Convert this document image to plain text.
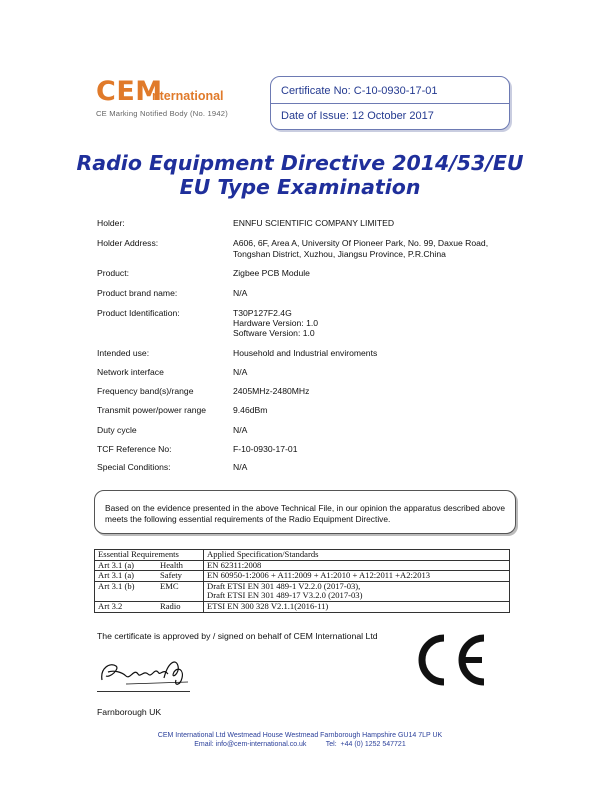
CEM
nternational
CE Marking Notified Body (No. 1942)
Certificate No: C-10-0930-17-01
Date of Issue: 12 October 2017
Radio Equipment Directive 2014/53/EU
EU Type Examination
Holder:	ENNFU SCIENTIFIC COMPANY LIMITED
Holder Address:	A606, 6F, Area A, University Of Pioneer Park, No. 99, Daxue Road,
Tongshan District, Xuzhou, Jiangsu Province, P.R.China
Product:	Zigbee PCB Module
Product brand name:	N/A
Product Identification:	T30P127F2.4G
Hardware Version: 1.0
Software Version: 1.0
Intended use:	Household and Industrial enviroments
Network interface	N/A
Frequency band(s)/range	2405MHz-2480MHz
Transmit power/power range	9.46dBm
Duty cycle	N/A
TCF Reference No:	F-10-0930-17-01
Special Conditions:	N/A
Based on the evidence presented in the above Technical File, in our opinion the apparatus described above meets the following essential requirements of the Radio Equipment Directive.
Essential Requirements		Applied Specification/Standards
Art 3.1 (a)	Health	EN 62311:2008
Art 3.1 (a)	Safety	EN 60950-1:2006 + A11:2009 + A1:2010 + A12:2011 +A2:2013
Art 3.1 (b)	EMC	Draft ETSI EN 301 489-1 V2.2.0 (2017-03),
Draft ETSI EN 301 489-17 V3.2.0 (2017-03)

Art 3.2	Radio	ETSI EN 300 328 V2.1.1(2016-11)
The certificate is approved by / signed on behalf of CEM International Ltd
Farnborough UK
CEM International Ltd Westmead House Westmead Farnborough Hampshire GU14 7LP UK
Email: info@cem-international.co.uk          Tel:  +44 (0) 1252 547721
